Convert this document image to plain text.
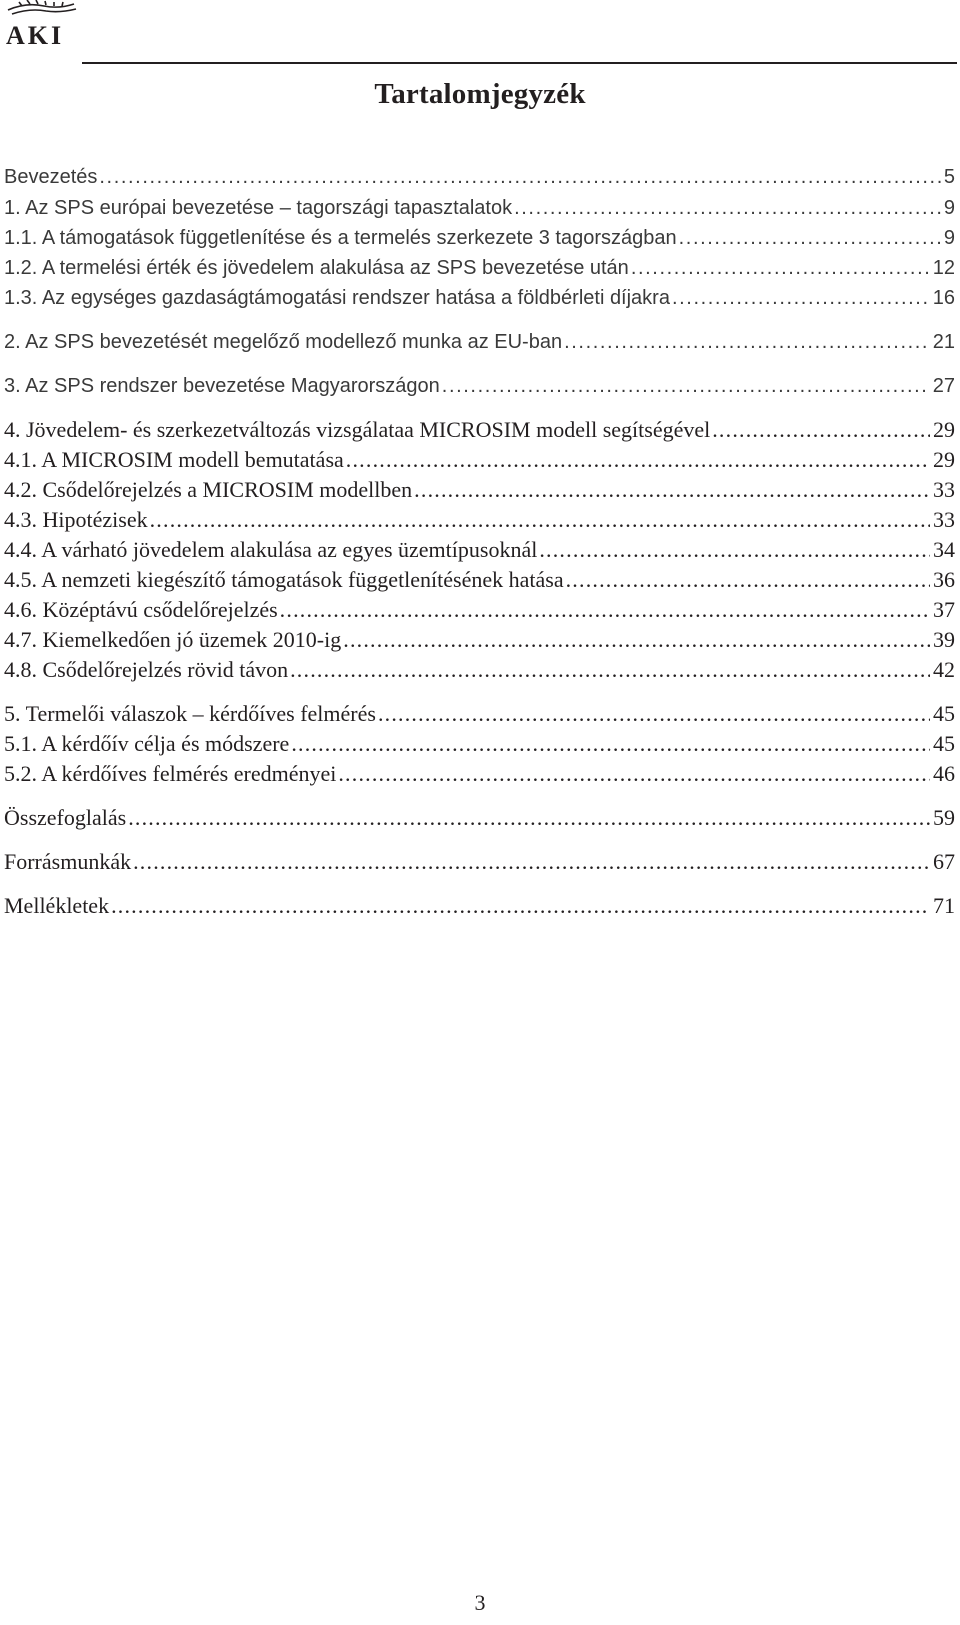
AKI
Tartalomjegyzék
Bevezetés .....	5
1. Az SPS európai bevezetése – tagországi tapasztalatok .....	9
1.1. A támogatások függetlenítése és a termelés szerkezete 3 tagországban .....	9
1.2. A termelési érték és jövedelem alakulása az SPS bevezetése után .....	12
1.3. Az egységes gazdaságtámogatási rendszer hatása a földbérleti díjakra .....	16
2. Az SPS bevezetését megelőző modellező munka az EU-ban .....	21
3. Az SPS rendszer bevezetése Magyarországon .....	27
4. Jövedelem- és szerkezetváltozás vizsgálataa MICROSIM modell segítségével .....	29
4.1. A MICROSIM modell bemutatása .....	29
4.2. Csődelőrejelzés a MICROSIM modellben .....	33
4.3. Hipotézisek .....	33
4.4. A várható jövedelem alakulása az egyes üzemtípusoknál .....	34
4.5. A nemzeti kiegészítő támogatások függetlenítésének hatása .....	36
4.6. Középtávú csődelőrejelzés .....	37
4.7. Kiemelkedően jó üzemek 2010-ig .....	39
4.8. Csődelőrejelzés rövid távon .....	42
5. Termelői válaszok – kérdőíves felmérés .....	45
5.1. A kérdőív célja és módszere .....	45
5.2. A kérdőíves felmérés eredményei .....	46
Összefoglalás .....	59
Forrásmunkák .....	67
Mellékletek .....	71
3
